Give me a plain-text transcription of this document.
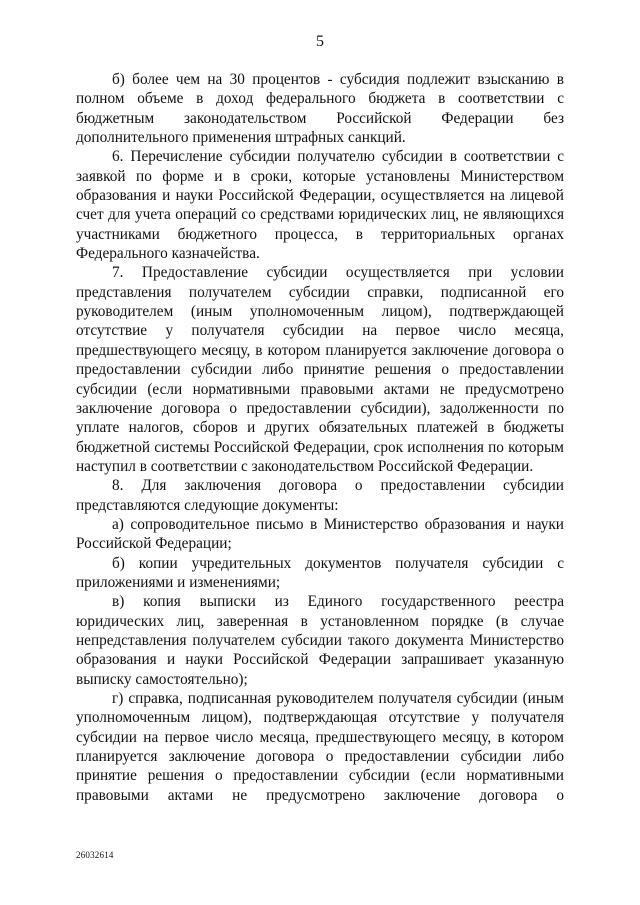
5

б) более чем на 30 процентов - субсидия подлежит взысканию в полном объеме в доход федерального бюджета в соответствии с бюджетным законодательством Российской Федерации без дополнительного применения штрафных санкций.

6. Перечисление субсидии получателю субсидии в соответствии с заявкой по форме и в сроки, которые установлены Министерством образования и науки Российской Федерации, осуществляется на лицевой счет для учета операций со средствами юридических лиц, не являющихся участниками бюджетного процесса, в территориальных органах Федерального казначейства.

7. Предоставление субсидии осуществляется при условии представления получателем субсидии справки, подписанной его руководителем (иным уполномоченным лицом), подтверждающей отсутствие у получателя субсидии на первое число месяца, предшествующего месяцу, в котором планируется заключение договора о предоставлении субсидии либо принятие решения о предоставлении субсидии (если нормативными правовыми актами не предусмотрено заключение договора о предоставлении субсидии), задолженности по уплате налогов, сборов и других обязательных платежей в бюджеты бюджетной системы Российской Федерации, срок исполнения по которым наступил в соответствии с законодательством Российской Федерации.

8. Для заключения договора о предоставлении субсидии представляются следующие документы:

а) сопроводительное письмо в Министерство образования и науки Российской Федерации;

б) копии учредительных документов получателя субсидии с приложениями и изменениями;

в) копия выписки из Единого государственного реестра юридических лиц, заверенная в установленном порядке (в случае непредставления получателем субсидии такого документа Министерство образования и науки Российской Федерации запрашивает указанную выписку самостоятельно);

г) справка, подписанная руководителем получателя субсидии (иным уполномоченным лицом), подтверждающая отсутствие у получателя субсидии на первое число месяца, предшествующего месяцу, в котором планируется заключение договора о предоставлении субсидии либо принятие решения о предоставлении субсидии (если нормативными правовыми актами не предусмотрено заключение договора о

26032614
